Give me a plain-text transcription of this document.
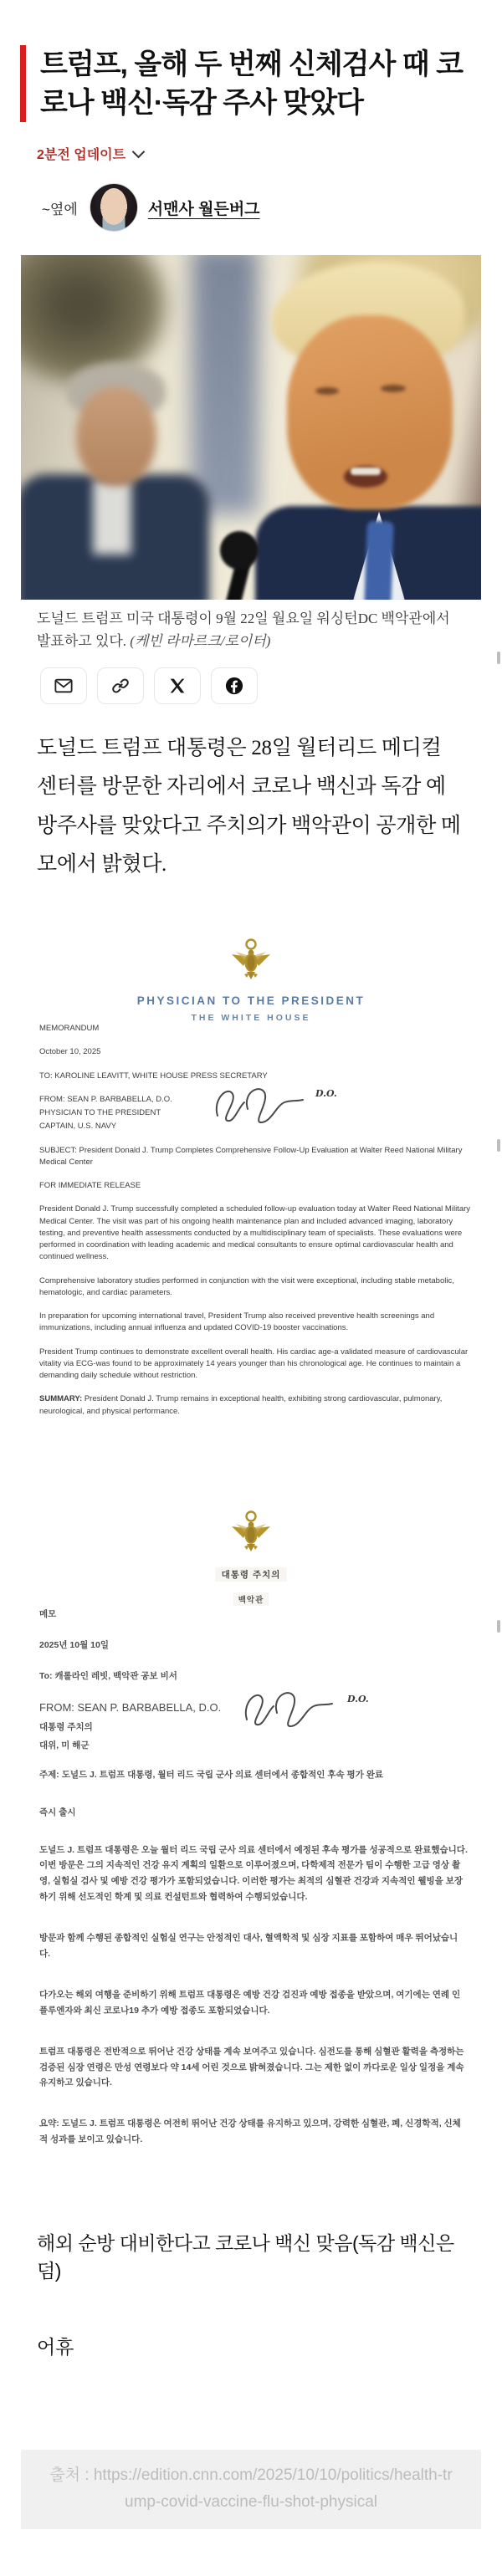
트럼프, 올해 두 번째 신체검사 때 코로나 백신·독감 주사 맞았다
2분전 업데이트
~옆에	서맨사 월든버그
도널드 트럼프 미국 대통령이 9월 22일 월요일 워싱턴DC 백악관에서 발표하고 있다. (케빈 라마르크/로이터)

도널드 트럼프 대통령은 28일 월터리드 메디컬 센터를 방문한 자리에서 코로나 백신과 독감 예방주사를 맞았다고 주치의가 백악관이 공개한 메모에서 밝혔다.

PHYSICIAN TO THE PRESIDENT
THE WHITE HOUSE

MEMORANDUM

October 10, 2025

TO: KAROLINE LEAVITT, WHITE HOUSE PRESS SECRETARY

FROM: SEAN P. BARBABELLA, D.O.

PHYSICIAN TO THE PRESIDENT

CAPTAIN, U.S. NAVY

D.O.

SUBJECT: President Donald J. Trump Completes Comprehensive Follow-Up Evaluation at Walter Reed National Military Medical Center

FOR IMMEDIATE RELEASE

President Donald J. Trump successfully completed a scheduled follow-up evaluation today at Walter Reed National Military Medical Center. The visit was part of his ongoing health maintenance plan and included advanced imaging, laboratory testing, and preventive health assessments conducted by a multidisciplinary team of specialists. These evaluations were performed in coordination with leading academic and medical consultants to ensure optimal cardiovascular health and continued wellness.

Comprehensive laboratory studies performed in conjunction with the visit were exceptional, including stable metabolic, hematologic, and cardiac parameters.

In preparation for upcoming international travel, President Trump also received preventive health screenings and immunizations, including annual influenza and updated COVID-19 booster vaccinations.

President Trump continues to demonstrate excellent overall health. His cardiac age-a validated measure of cardiovascular vitality via ECG-was found to be approximately 14 years younger than his chronological age. He continues to maintain a demanding daily schedule without restriction.

SUMMARY: President Donald J. Trump remains in exceptional health, exhibiting strong cardiovascular, pulmonary, neurological, and physical performance.

대통령 주치의
백악관

메모

2025년 10월 10일

To: 캐롤라인 레빗, 백악관 공보 비서

FROM: SEAN P. BARBABELLA, D.O.

대통령 주치의

대위, 미 해군

D.O.

주제: 도널드 J. 트럼프 대통령, 월터 리드 국립 군사 의료 센터에서 종합적인 후속 평가 완료

즉시 출시

도널드 J. 트럼프 대통령은 오늘 월터 리드 국립 군사 의료 센터에서 예정된 후속 평가를 성공적으로 완료했습니다. 이번 방문은 그의 지속적인 건강 유지 계획의 일환으로 이루어졌으며, 다학제적 전문가 팀이 수행한 고급 영상 촬영, 실험실 검사 및 예방 건강 평가가 포함되었습니다. 이러한 평가는 최적의 심혈관 건강과 지속적인 웰빙을 보장하기 위해 선도적인 학계 및 의료 컨설턴트와 협력하여 수행되었습니다.

방문과 함께 수행된 종합적인 실험실 연구는 안정적인 대사, 혈액학적 및 심장 지표를 포함하여 매우 뛰어났습니다.

다가오는 해외 여행을 준비하기 위해 트럼프 대통령은 예방 건강 검진과 예방 접종을 받았으며, 여기에는 연례 인플루엔자와 최신 코로나19 추가 예방 접종도 포함되었습니다.

트럼프 대통령은 전반적으로 뛰어난 건강 상태를 계속 보여주고 있습니다. 심전도를 통해 심혈관 활력을 측정하는 검증된 심장 연령은 만성 연령보다 약 14세 어린 것으로 밝혀졌습니다. 그는 제한 없이 까다로운 일상 일정을 계속 유지하고 있습니다.

요약: 도널드 J. 트럼프 대통령은 여전히 뛰어난 건강 상태를 유지하고 있으며, 강력한 심혈관, 폐, 신경학적, 신체적 성과를 보이고 있습니다.

해외 순방 대비한다고 코로나 백신 맞음(독감 백신은 덤)

어휴

출처 : https://edition.cnn.com/2025/10/10/politics/health-trump-covid-vaccine-flu-shot-physical
